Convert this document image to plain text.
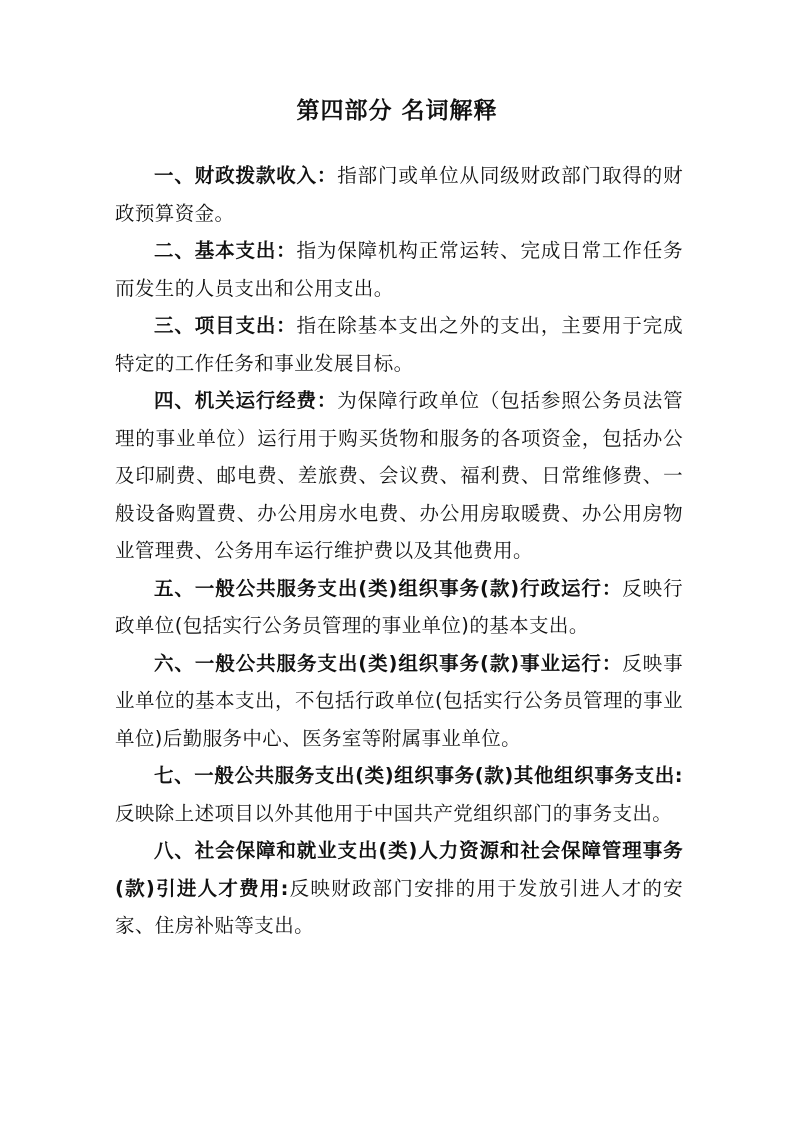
第四部分 名词解释

一、财政拨款收入：指部门或单位从同级财政部门取得的财政预算资金。

二、基本支出：指为保障机构正常运转、完成日常工作任务而发生的人员支出和公用支出。

三、项目支出：指在除基本支出之外的支出，主要用于完成特定的工作任务和事业发展目标。

四、机关运行经费：为保障行政单位（包括参照公务员法管理的事业单位）运行用于购买货物和服务的各项资金，包括办公及印刷费、邮电费、差旅费、会议费、福利费、日常维修费、一般设备购置费、办公用房水电费、办公用房取暖费、办公用房物业管理费、公务用车运行维护费以及其他费用。

五、一般公共服务支出(类)组织事务(款)行政运行：反映行政单位(包括实行公务员管理的事业单位)的基本支出。

六、一般公共服务支出(类)组织事务(款)事业运行：反映事业单位的基本支出，不包括行政单位(包括实行公务员管理的事业单位)后勤服务中心、医务室等附属事业单位。

七、一般公共服务支出(类)组织事务(款)其他组织事务支出:反映除上述项目以外其他用于中国共产党组织部门的事务支出。

八、社会保障和就业支出(类)人力资源和社会保障管理事务(款)引进人才费用:反映财政部门安排的用于发放引进人才的安家、住房补贴等支出。
